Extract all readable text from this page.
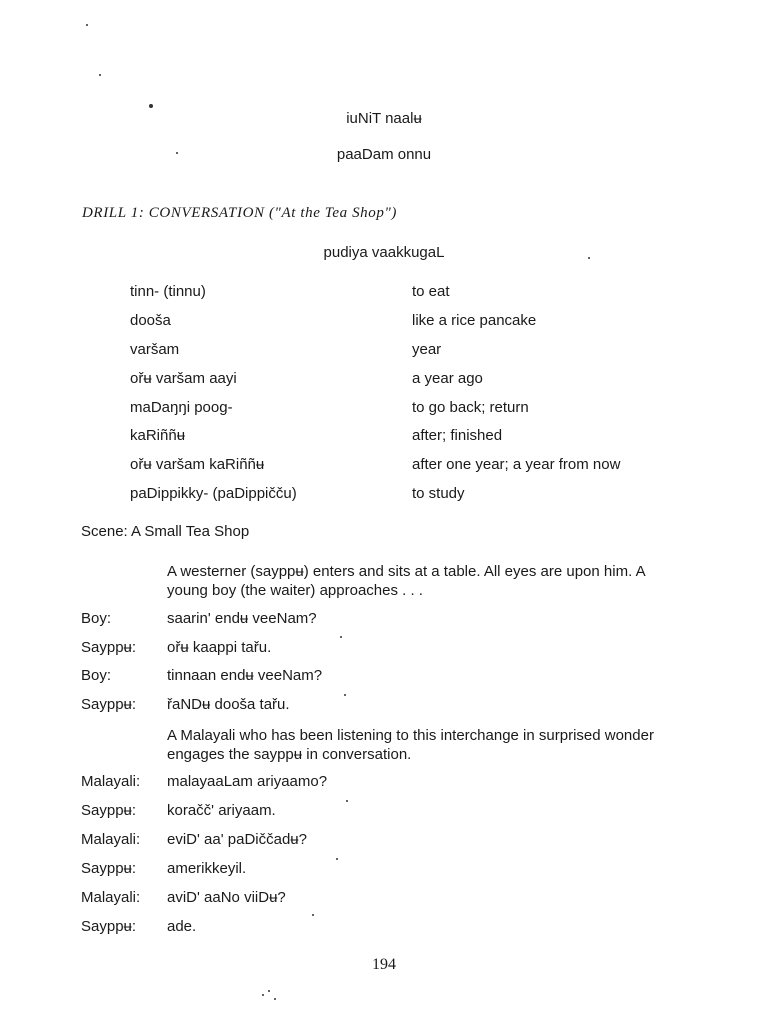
iuNiT naalʉ
paaDam onnu
DRILL 1: CONVERSATION ("At the Tea Shop")
pudiya vaakkugaL
tinn- (tinnu)	to eat
dooša	like a rice pancake
varšam	year
ořʉ varšam aayi	a year ago
maDaŋŋi poog-	to go back; return
kaRiññʉ	after; finished
ořʉ varšam kaRiññʉ	after one year; a year from now
paDippikky- (paDippičču)	to study
Scene: A Small Tea Shop
A westerner (sayppʉ) enters and sits at a table. All eyes are upon him. A young boy (the waiter) approaches . . .
Boy:	saarin' endʉ veeNam?
Sayppʉ: ořʉ kaappi tařu.
Boy:	tinnaan endʉ veeNam?
Sayppʉ: řaNDʉ dooša tařu.
A Malayali who has been listening to this interchange in surprised wonder engages the sayppʉ in conversation.
Malayali: malayaaLam ariyaamo?
Sayppʉ: koračč' ariyaam.
Malayali: eviD' aa' paDiččadʉ?
Sayppʉ: amerikkeyil.
Malayali: aviD' aaNo viiDʉ?
Sayppʉ: ade.
194
